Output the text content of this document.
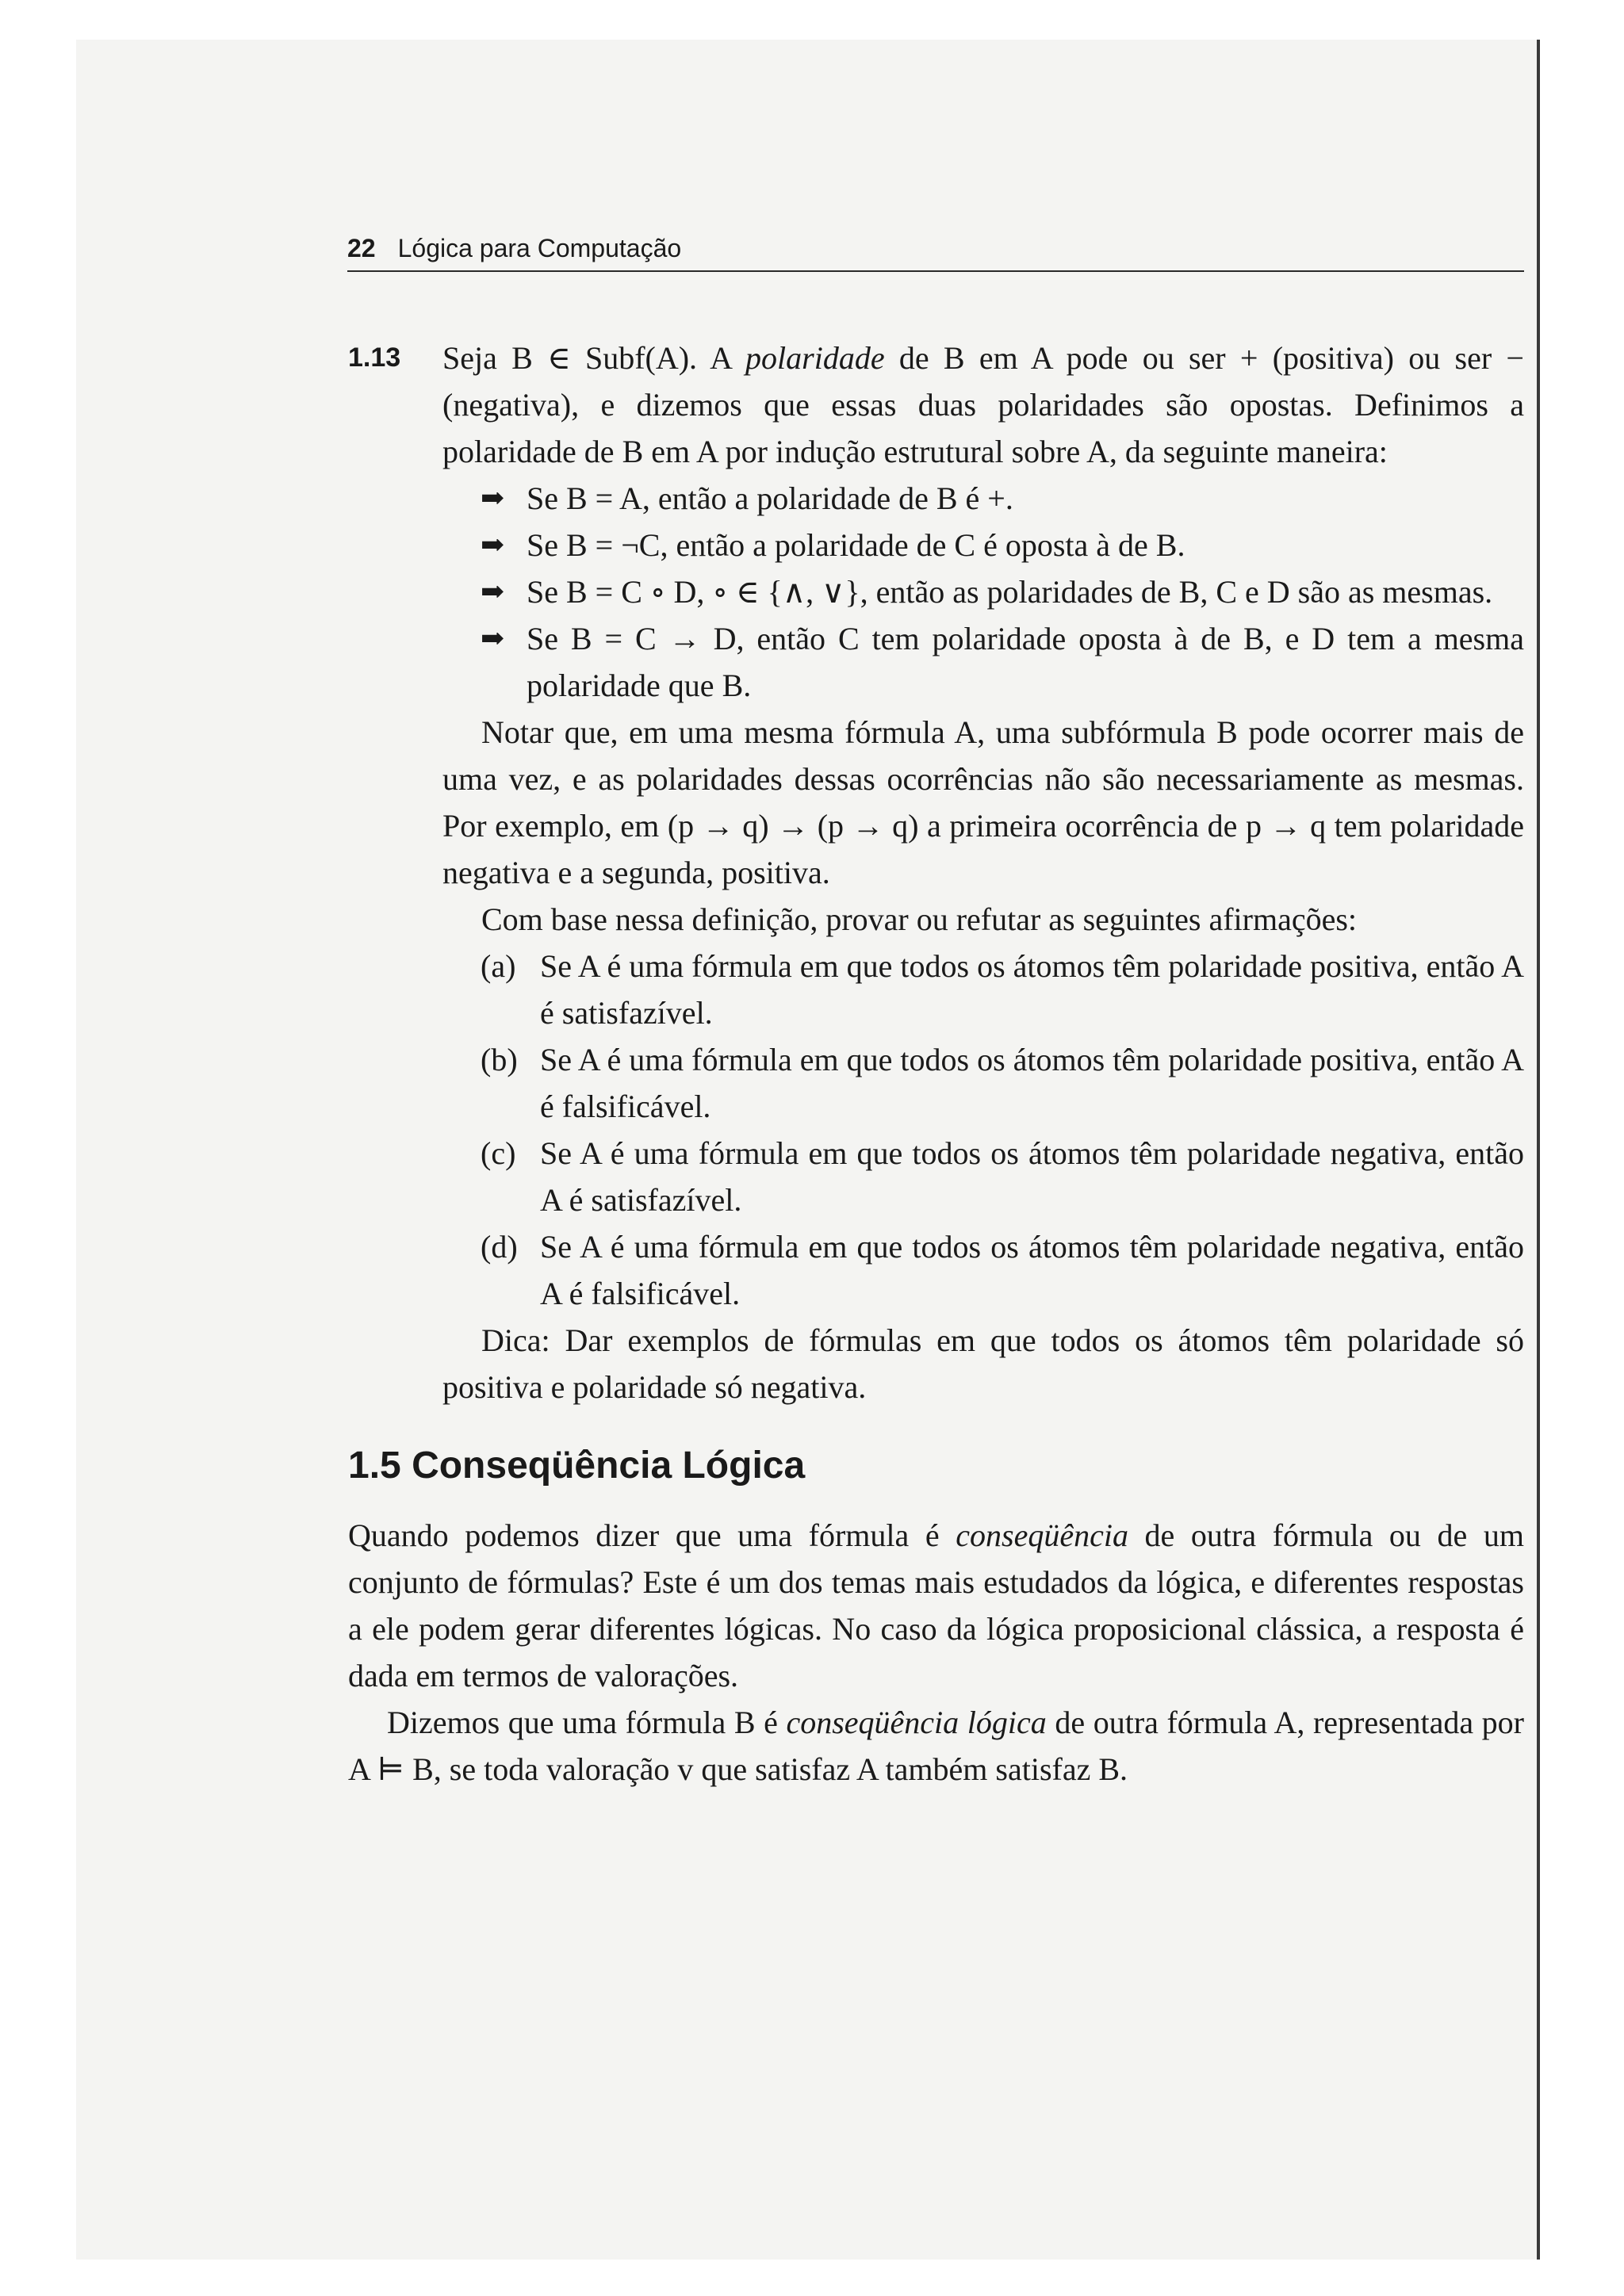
22 Lógica para Computação
1.13 Seja B ∈ Subf(A). A polaridade de B em A pode ou ser + (positiva) ou ser − (negativa), e dizemos que essas duas polaridades são opostas. Definimos a polaridade de B em A por indução estrutural sobre A, da seguinte maneira:

➡ Se B = A, então a polaridade de B é +.
➡ Se B = ¬C, então a polaridade de C é oposta à de B.
➡ Se B = C ∘ D, ∘ ∈ {∧, ∨}, então as polaridades de B, C e D são as mesmas.
➡ Se B = C → D, então C tem polaridade oposta à de B, e D tem a mesma polaridade que B.

Notar que, em uma mesma fórmula A, uma subfórmula B pode ocorrer mais de uma vez, e as polaridades dessas ocorrências não são necessariamente as mesmas. Por exemplo, em (p → q) → (p → q) a primeira ocorrência de p → q tem polaridade negativa e a segunda, positiva.

Com base nessa definição, provar ou refutar as seguintes afirmações:

(a) Se A é uma fórmula em que todos os átomos têm polaridade positiva, então A é satisfazível.
(b) Se A é uma fórmula em que todos os átomos têm polaridade positiva, então A é falsificável.
(c) Se A é uma fórmula em que todos os átomos têm polaridade negativa, então A é satisfazível.
(d) Se A é uma fórmula em que todos os átomos têm polaridade negativa, então A é falsificável.

Dica: Dar exemplos de fórmulas em que todos os átomos têm polaridade só positiva e polaridade só negativa.

1.5 Conseqüência Lógica

Quando podemos dizer que uma fórmula é conseqüência de outra fórmula ou de um conjunto de fórmulas? Este é um dos temas mais estudados da lógica, e diferentes respostas a ele podem gerar diferentes lógicas. No caso da lógica proposicional clássica, a resposta é dada em termos de valorações.

Dizemos que uma fórmula B é conseqüência lógica de outra fórmula A, representada por A ⊨ B, se toda valoração v que satisfaz A também satisfaz B.
